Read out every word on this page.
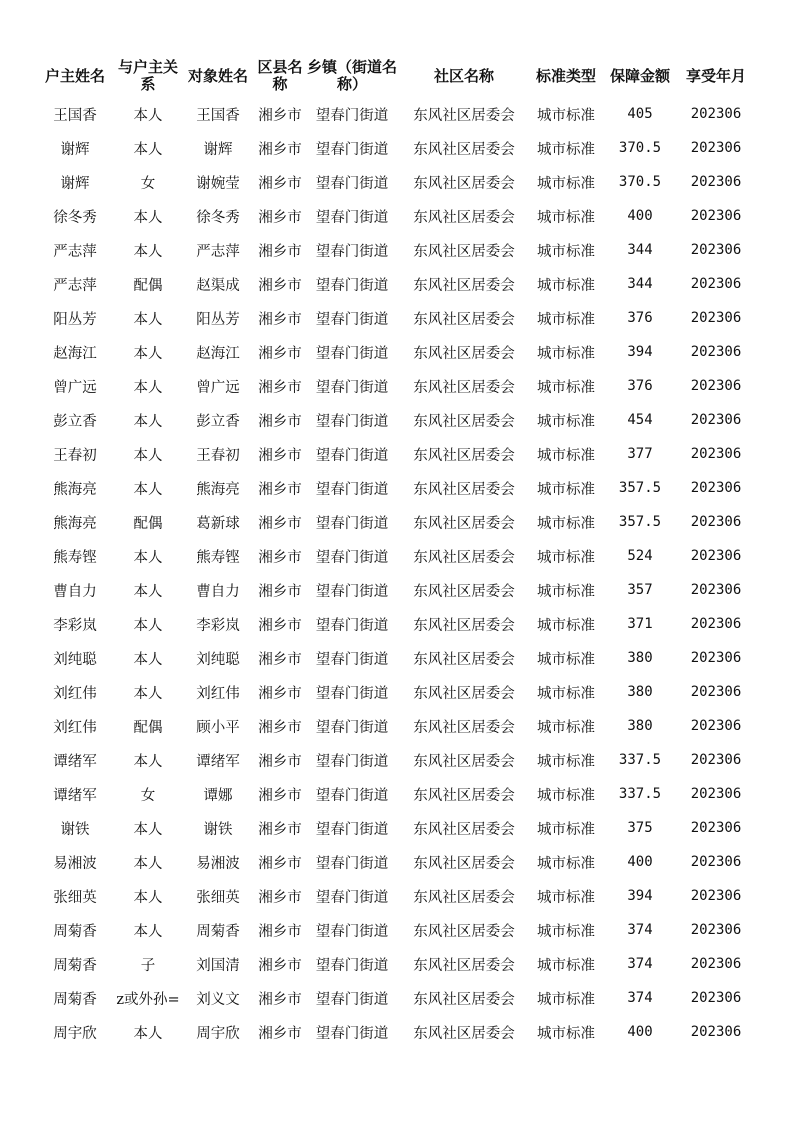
户主姓名	与户主关系	对象姓名	区县名称	乡镇（街道名称）	社区名称	标准类型	保障金额	享受年月
王国香	本人	王国香	湘乡市	望春门街道	东风社区居委会	城市标准	405	202306
谢辉	本人	谢辉	湘乡市	望春门街道	东风社区居委会	城市标准	370.5	202306
谢辉	女	谢婉莹	湘乡市	望春门街道	东风社区居委会	城市标准	370.5	202306
徐冬秀	本人	徐冬秀	湘乡市	望春门街道	东风社区居委会	城市标准	400	202306
严志萍	本人	严志萍	湘乡市	望春门街道	东风社区居委会	城市标准	344	202306
严志萍	配偶	赵渠成	湘乡市	望春门街道	东风社区居委会	城市标准	344	202306
阳丛芳	本人	阳丛芳	湘乡市	望春门街道	东风社区居委会	城市标准	376	202306
赵海江	本人	赵海江	湘乡市	望春门街道	东风社区居委会	城市标准	394	202306
曾广远	本人	曾广远	湘乡市	望春门街道	东风社区居委会	城市标准	376	202306
彭立香	本人	彭立香	湘乡市	望春门街道	东风社区居委会	城市标准	454	202306
王春初	本人	王春初	湘乡市	望春门街道	东风社区居委会	城市标准	377	202306
熊海亮	本人	熊海亮	湘乡市	望春门街道	东风社区居委会	城市标准	357.5	202306
熊海亮	配偶	葛新球	湘乡市	望春门街道	东风社区居委会	城市标准	357.5	202306
熊寿铿	本人	熊寿铿	湘乡市	望春门街道	东风社区居委会	城市标准	524	202306
曹自力	本人	曹自力	湘乡市	望春门街道	东风社区居委会	城市标准	357	202306
李彩岚	本人	李彩岚	湘乡市	望春门街道	东风社区居委会	城市标准	371	202306
刘纯聪	本人	刘纯聪	湘乡市	望春门街道	东风社区居委会	城市标准	380	202306
刘红伟	本人	刘红伟	湘乡市	望春门街道	东风社区居委会	城市标准	380	202306
刘红伟	配偶	顾小平	湘乡市	望春门街道	东风社区居委会	城市标准	380	202306
谭绪军	本人	谭绪军	湘乡市	望春门街道	东风社区居委会	城市标准	337.5	202306
谭绪军	女	谭娜	湘乡市	望春门街道	东风社区居委会	城市标准	337.5	202306
谢铁	本人	谢铁	湘乡市	望春门街道	东风社区居委会	城市标准	375	202306
易湘波	本人	易湘波	湘乡市	望春门街道	东风社区居委会	城市标准	400	202306
张细英	本人	张细英	湘乡市	望春门街道	东风社区居委会	城市标准	394	202306
周菊香	本人	周菊香	湘乡市	望春门街道	东风社区居委会	城市标准	374	202306
周菊香	子	刘国清	湘乡市	望春门街道	东风社区居委会	城市标准	374	202306
周菊香	z或外孙=	刘义文	湘乡市	望春门街道	东风社区居委会	城市标准	374	202306
周宇欣	本人	周宇欣	湘乡市	望春门街道	东风社区居委会	城市标准	400	202306
